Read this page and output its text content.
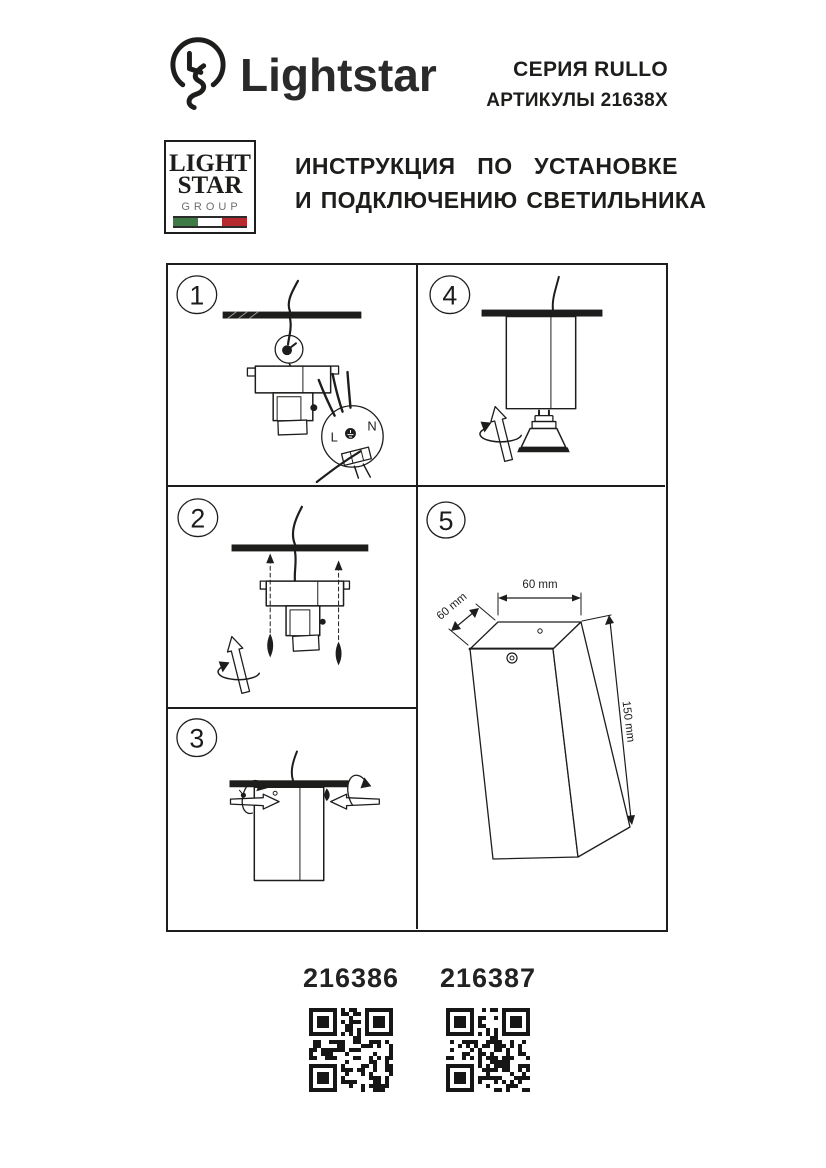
Lightstar	СЕРИЯ RULLO
АРТИКУЛЫ 21638X
LIGHT
STAR
GROUP
ИНСТРУКЦИЯ ПО УСТАНОВКЕ
И ПОДКЛЮЧЕНИЮ СВЕТИЛЬНИКА
1
L
N
2
3
4
5
60 mm
60 mm
150 mm
216386 216387
